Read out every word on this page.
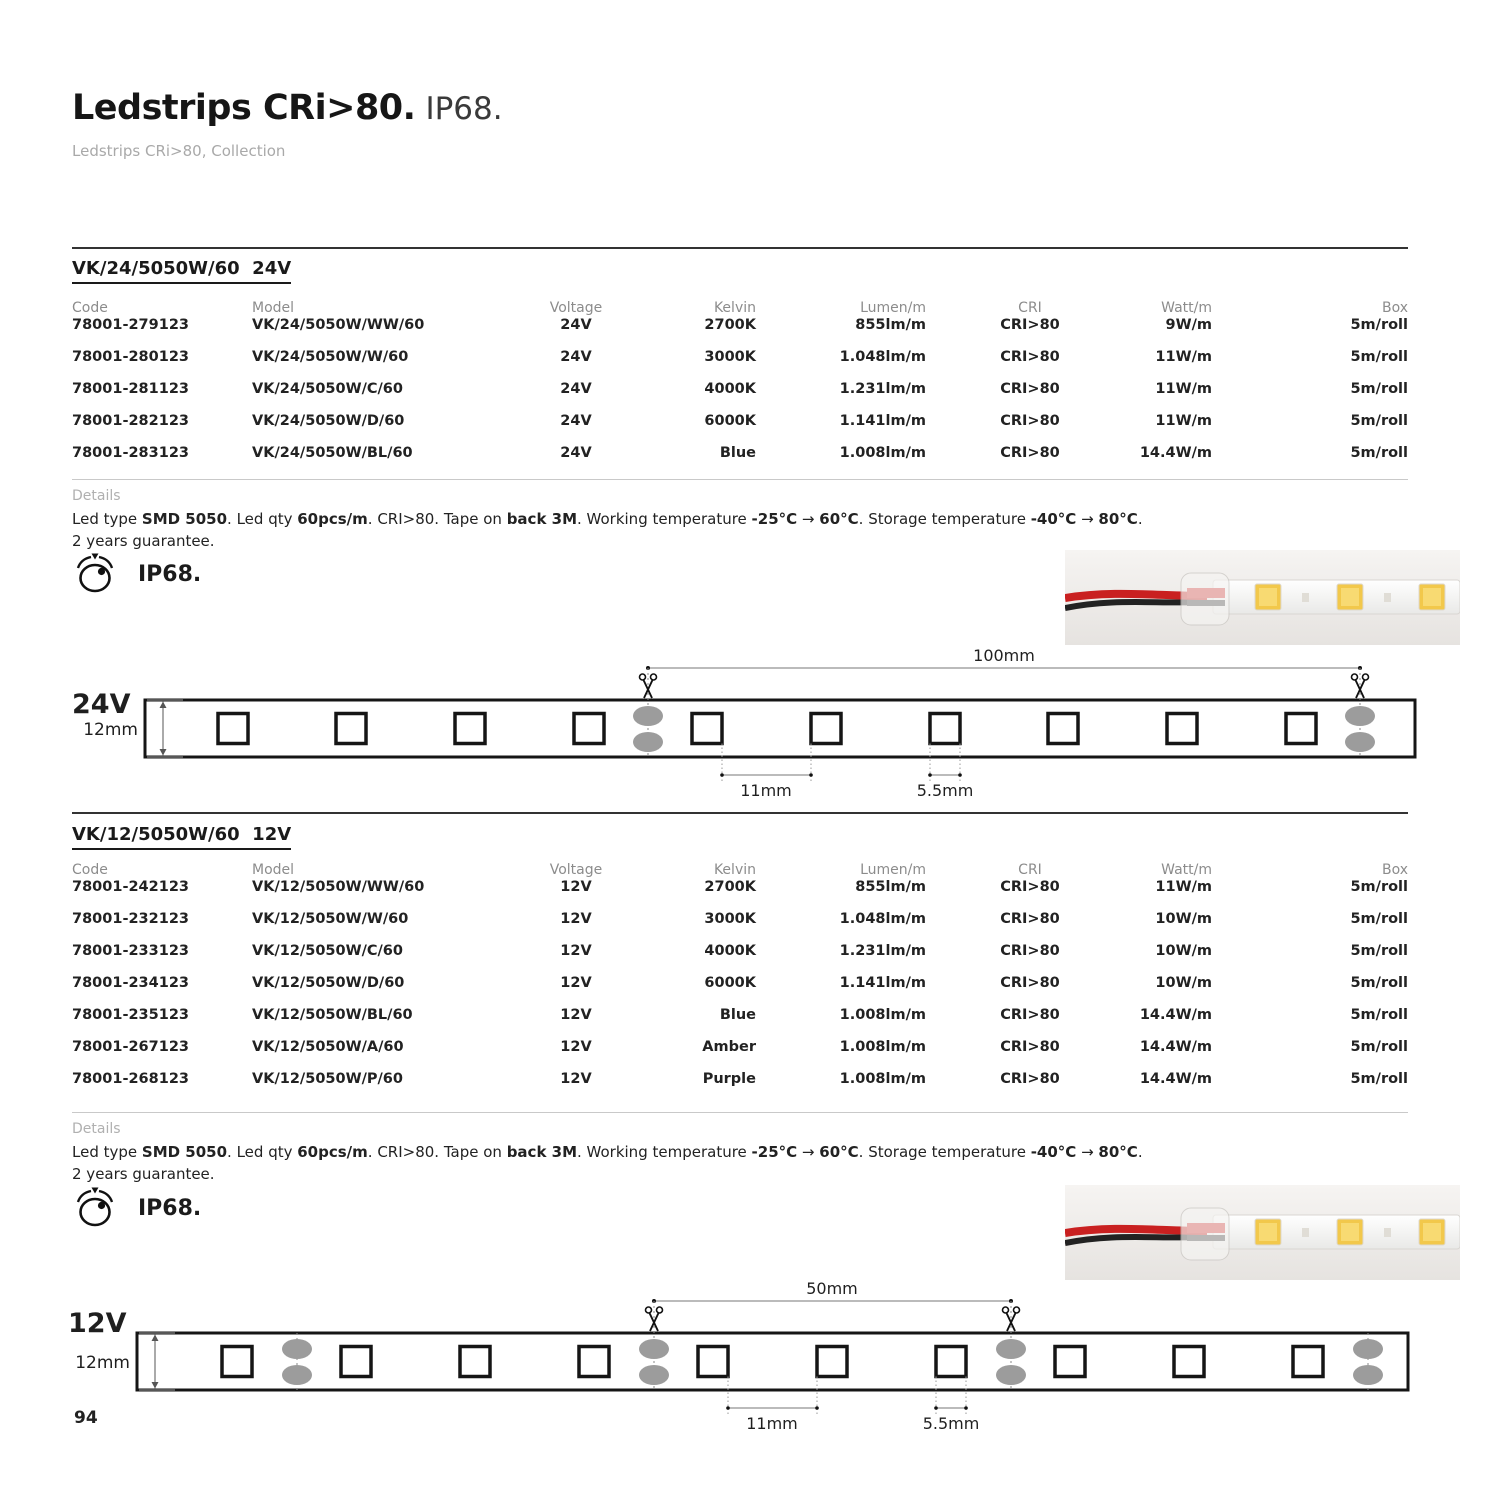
Ledstrips CRi>80. IP68.
Ledstrips CRi>80, Collection
VK/24/5050W/60  24V
Code	Model	Voltage	Kelvin	Lumen/m	CRI	Watt/m	Box
78001-279123	VK/24/5050W/WW/60	24V	2700K	855lm/m	CRI>80	9W/m	5m/roll
78001-280123	VK/24/5050W/W/60	24V	3000K	1.048lm/m	CRI>80	11W/m	5m/roll
78001-281123	VK/24/5050W/C/60	24V	4000K	1.231lm/m	CRI>80	11W/m	5m/roll
78001-282123	VK/24/5050W/D/60	24V	6000K	1.141lm/m	CRI>80	11W/m	5m/roll
78001-283123	VK/24/5050W/BL/60	24V	Blue	1.008lm/m	CRI>80	14.4W/m	5m/roll
Details
Led type SMD 5050. Led qty 60pcs/m. CRI>80. Tape on back 3M. Working temperature -25°C → 60°C. Storage temperature -40°C → 80°C.
2 years guarantee.
IP68.
24V
12mm
100mm
11mm	5.5mm
VK/12/5050W/60  12V
Code	Model	Voltage	Kelvin	Lumen/m	CRI	Watt/m	Box
78001-242123	VK/12/5050W/WW/60	12V	2700K	855lm/m	CRI>80	11W/m	5m/roll
78001-232123	VK/12/5050W/W/60	12V	3000K	1.048lm/m	CRI>80	10W/m	5m/roll
78001-233123	VK/12/5050W/C/60	12V	4000K	1.231lm/m	CRI>80	10W/m	5m/roll
78001-234123	VK/12/5050W/D/60	12V	6000K	1.141lm/m	CRI>80	10W/m	5m/roll
78001-235123	VK/12/5050W/BL/60	12V	Blue	1.008lm/m	CRI>80	14.4W/m	5m/roll
78001-267123	VK/12/5050W/A/60	12V	Amber	1.008lm/m	CRI>80	14.4W/m	5m/roll
78001-268123	VK/12/5050W/P/60	12V	Purple	1.008lm/m	CRI>80	14.4W/m	5m/roll
Details
Led type SMD 5050. Led qty 60pcs/m. CRI>80. Tape on back 3M. Working temperature -25°C → 60°C. Storage temperature -40°C → 80°C.
2 years guarantee.
IP68.
12V
12mm
50mm
11mm	5.5mm
94
